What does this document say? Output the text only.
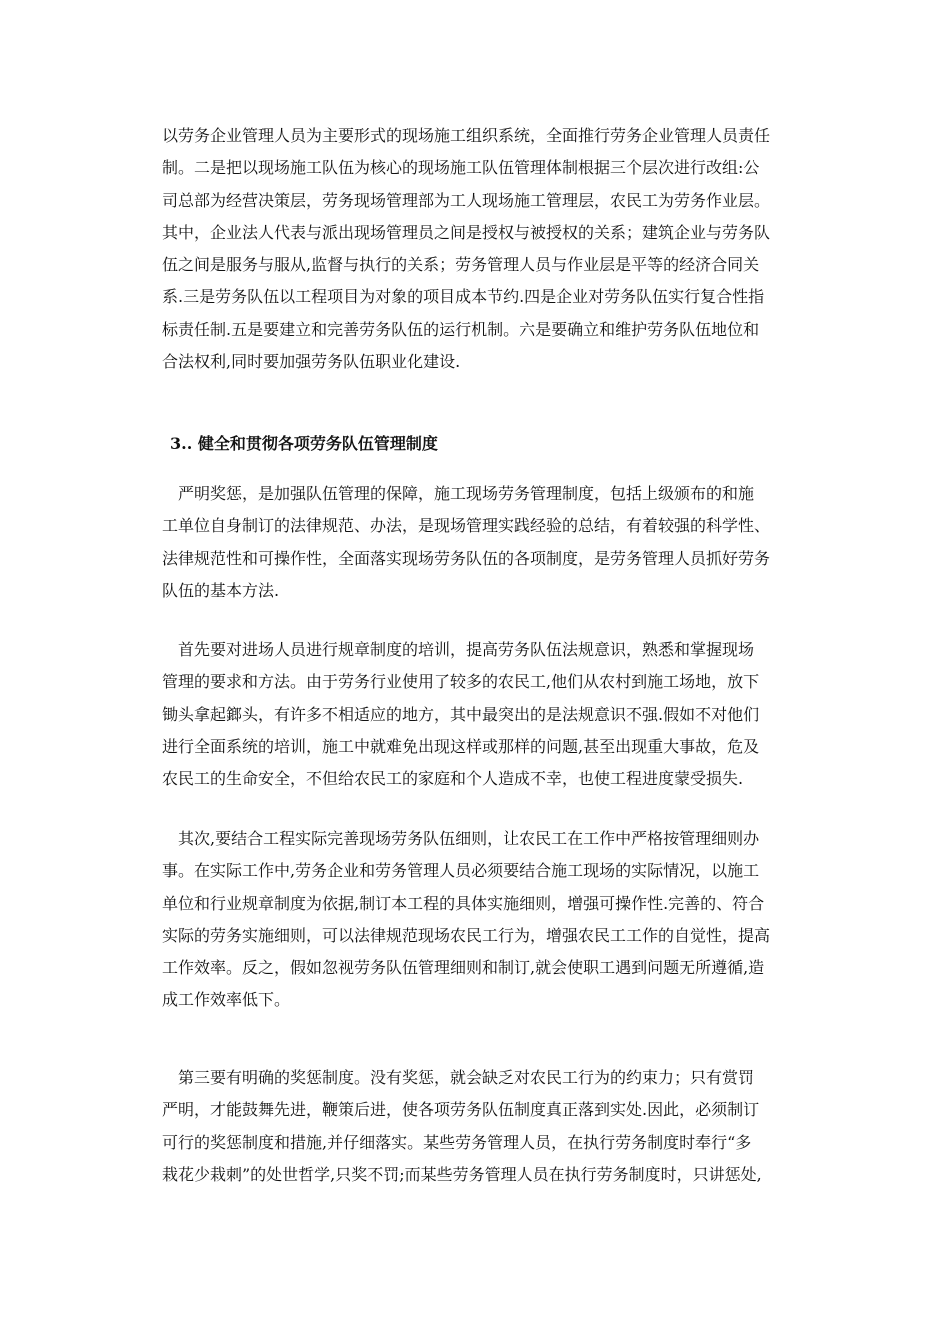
以劳务企业管理人员为主要形式的现场施工组织系统，全面推行劳务企业管理人员责任
制。二是把以现场施工队伍为核心的现场施工队伍管理体制根据三个层次进行改组:公
司总部为经营决策层，劳务现场管理部为工人现场施工管理层，农民工为劳务作业层。
其中，企业法人代表与派出现场管理员之间是授权与被授权的关系；建筑企业与劳务队
伍之间是服务与服从,监督与执行的关系；劳务管理人员与作业层是平等的经济合同关
系.三是劳务队伍以工程项目为对象的项目成本节约.四是企业对劳务队伍实行复合性指
标责任制.五是要建立和完善劳务队伍的运行机制。六是要确立和维护劳务队伍地位和
合法权利,同时要加强劳务队伍职业化建设.
3.. 健全和贯彻各项劳务队伍管理制度
　严明奖惩，是加强队伍管理的保障，施工现场劳务管理制度，包括上级颁布的和施
工单位自身制订的法律规范、办法，是现场管理实践经验的总结，有着较强的科学性、
法律规范性和可操作性，全面落实现场劳务队伍的各项制度，是劳务管理人员抓好劳务
队伍的基本方法.
　首先要对进场人员进行规章制度的培训，提高劳务队伍法规意识，熟悉和掌握现场
管理的要求和方法。由于劳务行业使用了较多的农民工,他们从农村到施工场地，放下
锄头拿起鎯头，有许多不相适应的地方，其中最突出的是法规意识不强.假如不对他们
进行全面系统的培训，施工中就难免出现这样或那样的问题,甚至出现重大事故，危及
农民工的生命安全，不但给农民工的家庭和个人造成不幸，也使工程进度蒙受损失.
　其次,要结合工程实际完善现场劳务队伍细则，让农民工在工作中严格按管理细则办
事。在实际工作中,劳务企业和劳务管理人员必须要结合施工现场的实际情况，以施工
单位和行业规章制度为依据,制订本工程的具体实施细则，增强可操作性.完善的、符合
实际的劳务实施细则，可以法律规范现场农民工行为，增强农民工工作的自觉性，提高
工作效率。反之，假如忽视劳务队伍管理细则和制订,就会使职工遇到问题无所遵循,造
成工作效率低下。
　第三要有明确的奖惩制度。没有奖惩，就会缺乏对农民工行为的约束力；只有赏罚
严明，才能鼓舞先进，鞭策后进，使各项劳务队伍制度真正落到实处.因此，必须制订
可行的奖惩制度和措施,并仔细落实。某些劳务管理人员，在执行劳务制度时奉行“多
栽花少栽刺”的处世哲学,只奖不罚;而某些劳务管理人员在执行劳务制度时，只讲惩处,
